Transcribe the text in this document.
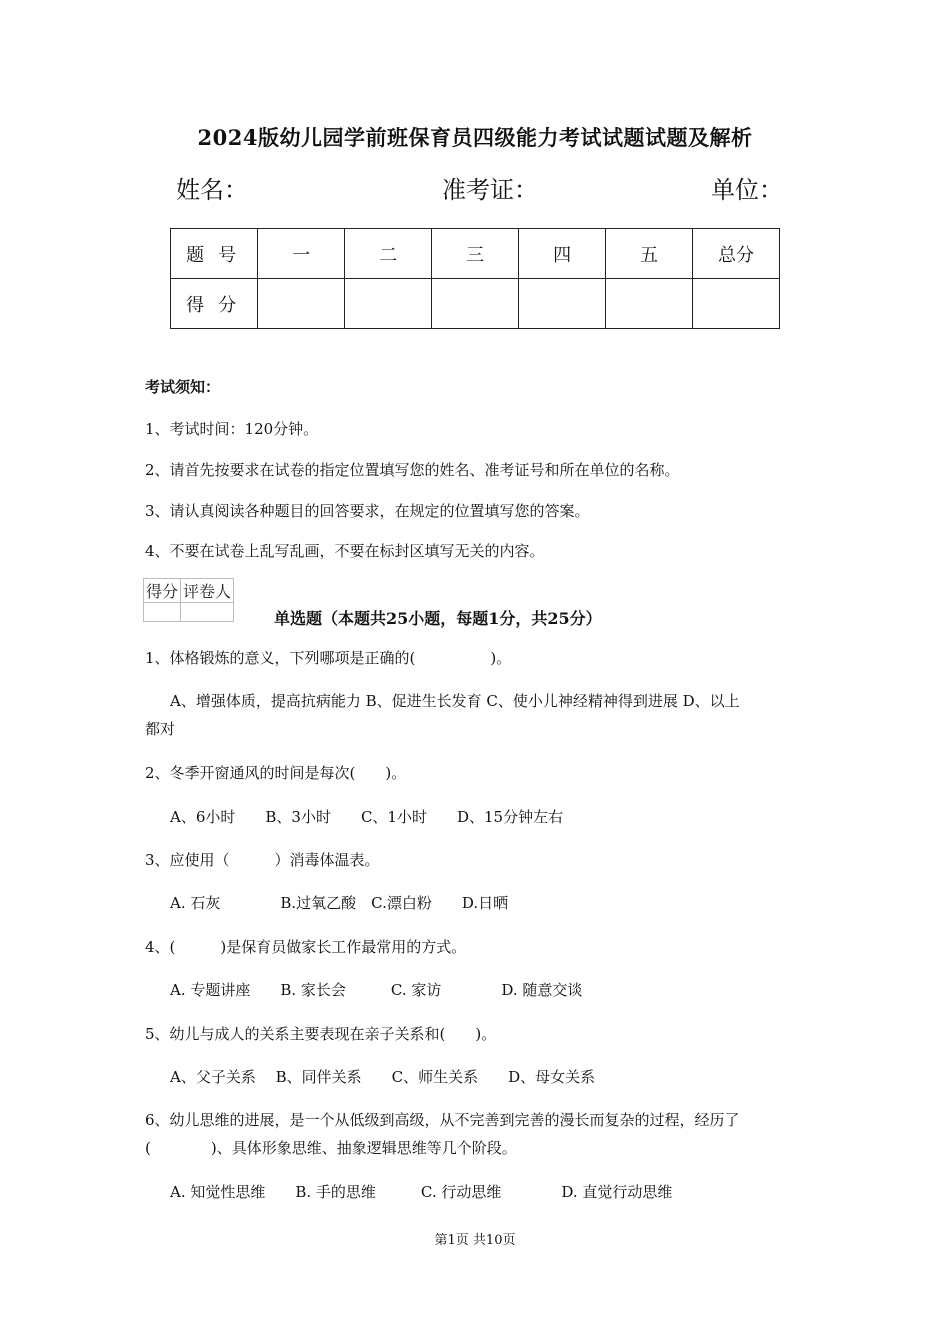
2024版幼儿园学前班保育员四级能力考试试题试题及解析
姓名：	准考证：	单位：
题号	一	二	三	四	五	总分
得分						
考试须知：
1、考试时间：120分钟。
2、请首先按要求在试卷的指定位置填写您的姓名、准考证号和所在单位的名称。
3、请认真阅读各种题目的回答要求，在规定的位置填写您的答案。
4、不要在试卷上乱写乱画，不要在标封区填写无关的内容。
得分	评卷人

单选题（本题共25小题，每题1分，共25分）
1、体格锻炼的意义，下列哪项是正确的(　　　　　)。
A、增强体质，提高抗病能力 B、促进生长发育 C、使小儿神经精神得到进展 D、以上
都对
2、冬季开窗通风的时间是每次(　　)。
A、6小时　　B、3小时　　C、1小时　　D、15分钟左右
3、应使用（　　　）消毒体温表。
A. 石灰　　　　B.过氧乙酸　C.漂白粉　　D.日晒
4、(　　　)是保育员做家长工作最常用的方式。
A. 专题讲座　　B. 家长会　　　C. 家访　　　　D. 随意交谈
5、幼儿与成人的关系主要表现在亲子关系和(　　)。
A、父子关系　 B、同伴关系　　C、师生关系　　D、母女关系
6、幼儿思维的进展，是一个从低级到高级，从不完善到完善的漫长而复杂的过程，经历了
(　　　　)、具体形象思维、抽象逻辑思维等几个阶段。
A. 知觉性思维　　B. 手的思维　　　C. 行动思维　　　　D. 直觉行动思维
第1页 共10页
